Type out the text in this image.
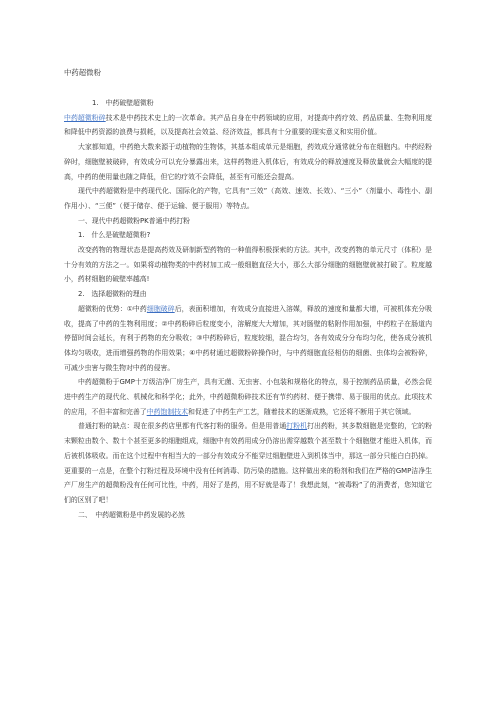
中药超微粉

1.　中药破壁超微粉

中药超微粉碎技术是中药技术史上的一次革命。其产品自身在中药领域的应用，对提高中药疗效、药品质量、生物利用度和降低中药资源的浪费与损耗，以及提高社会效益、经济效益，都具有十分重要的现实意义和实用价值。

大家都知道，中药绝大数来源于动植物的生物体，其基本组成单元是细胞，药效成分通常就分布在细胞内。中药经粉碎时，细胞壁被破碎，有效成分可以充分暴露出来，这样药物进入机体后，有效成分的释放速度及释放量就会大幅度的提高，中药的使用量也随之降低，但它的疗效不会降低，甚至有可能还会提高。

现代中药超微粉是中药现代化、国际化的产物，它具有“三效”（高效、速效、长效）、“三小”（剂量小、毒性小、副作用小）、“三便”（便于储存、便于运输、便于服用）等特点。

一、现代中药超微粉PK普通中药打粉

1.　什么是破壁超微粉?

改变药物的物理状态是提高药效及研制新型药物的一种值得积极探索的方法。其中，改变药物的单元尺寸（体积）是十分有效的方法之一。如果将动植物类的中药材加工成一般细胞直径大小，那么大部分细胞的细胞壁就被打破了。粒度越小，药材细胞的破壁率越高!

2.　选择超微粉的理由

超微粉的优势：①中药细胞破碎后，表面积增加，有效成分直接进入溶媒，释放的速度和量都大增，可被机体充分吸收，提高了中药的生物利用度；②中药粉碎后粒度变小，溶解度大大增加，其对肠壁的粘附作用加强，中药粒子在肠道内停留时间会延长，有利于药物的充分吸收；③中药粉碎后，粒度较细，混合均匀，各有效成分分布均匀化，使各成分被机体均匀吸收，进而增强药物的作用效果；④中药材通过超微粉碎操作时，与中药细胞直径相仿的细菌、虫体均会被粉碎，可减少虫害与微生物对中药的侵害。

中药超微粉于GMP十万级洁净厂房生产，具有无菌、无虫害、小包装和规格化的特点，易于控制药品质量，必然会促进中药生产的现代化、机械化和科学化；此外，中药超微粉碎技术还有节约药材、便于携带、易于服用的优点。此项技术的应用，不但丰富和完善了中药饱制技术和促进了中药生产工艺，随着技术的逐渐成熟，它还将不断用于其它领域。

普通打粉的缺点：现在很多药店里都有代客打粉的服务。但是用普通打粉机打出药粉，其多数细胞是完整的，它的粉末颗粒由数个、数十个甚至更多的细胞组成，细胞中有效药用成分仍溶出需穿越数个甚至数十个细胞壁才能进入机体，而后被机体吸收。而在这个过程中有相当大的一部分有效成分不能穿过细胞壁进入到机体当中，那这一部分只能白白扔掉。更重要的一点是，在整个打粉过程及环境中没有任何消毒、防污染的措施。这样做出来的粉剂和我们在严格的GMP洁净生产厂房生产的超微粉没有任何可比性，中药，用好了是药，用不好就是毒了！我想此刻，“被毒粉”了的消费者，您知道它们的区别了吧！

二、　中药超微粉是中药发展的必然
